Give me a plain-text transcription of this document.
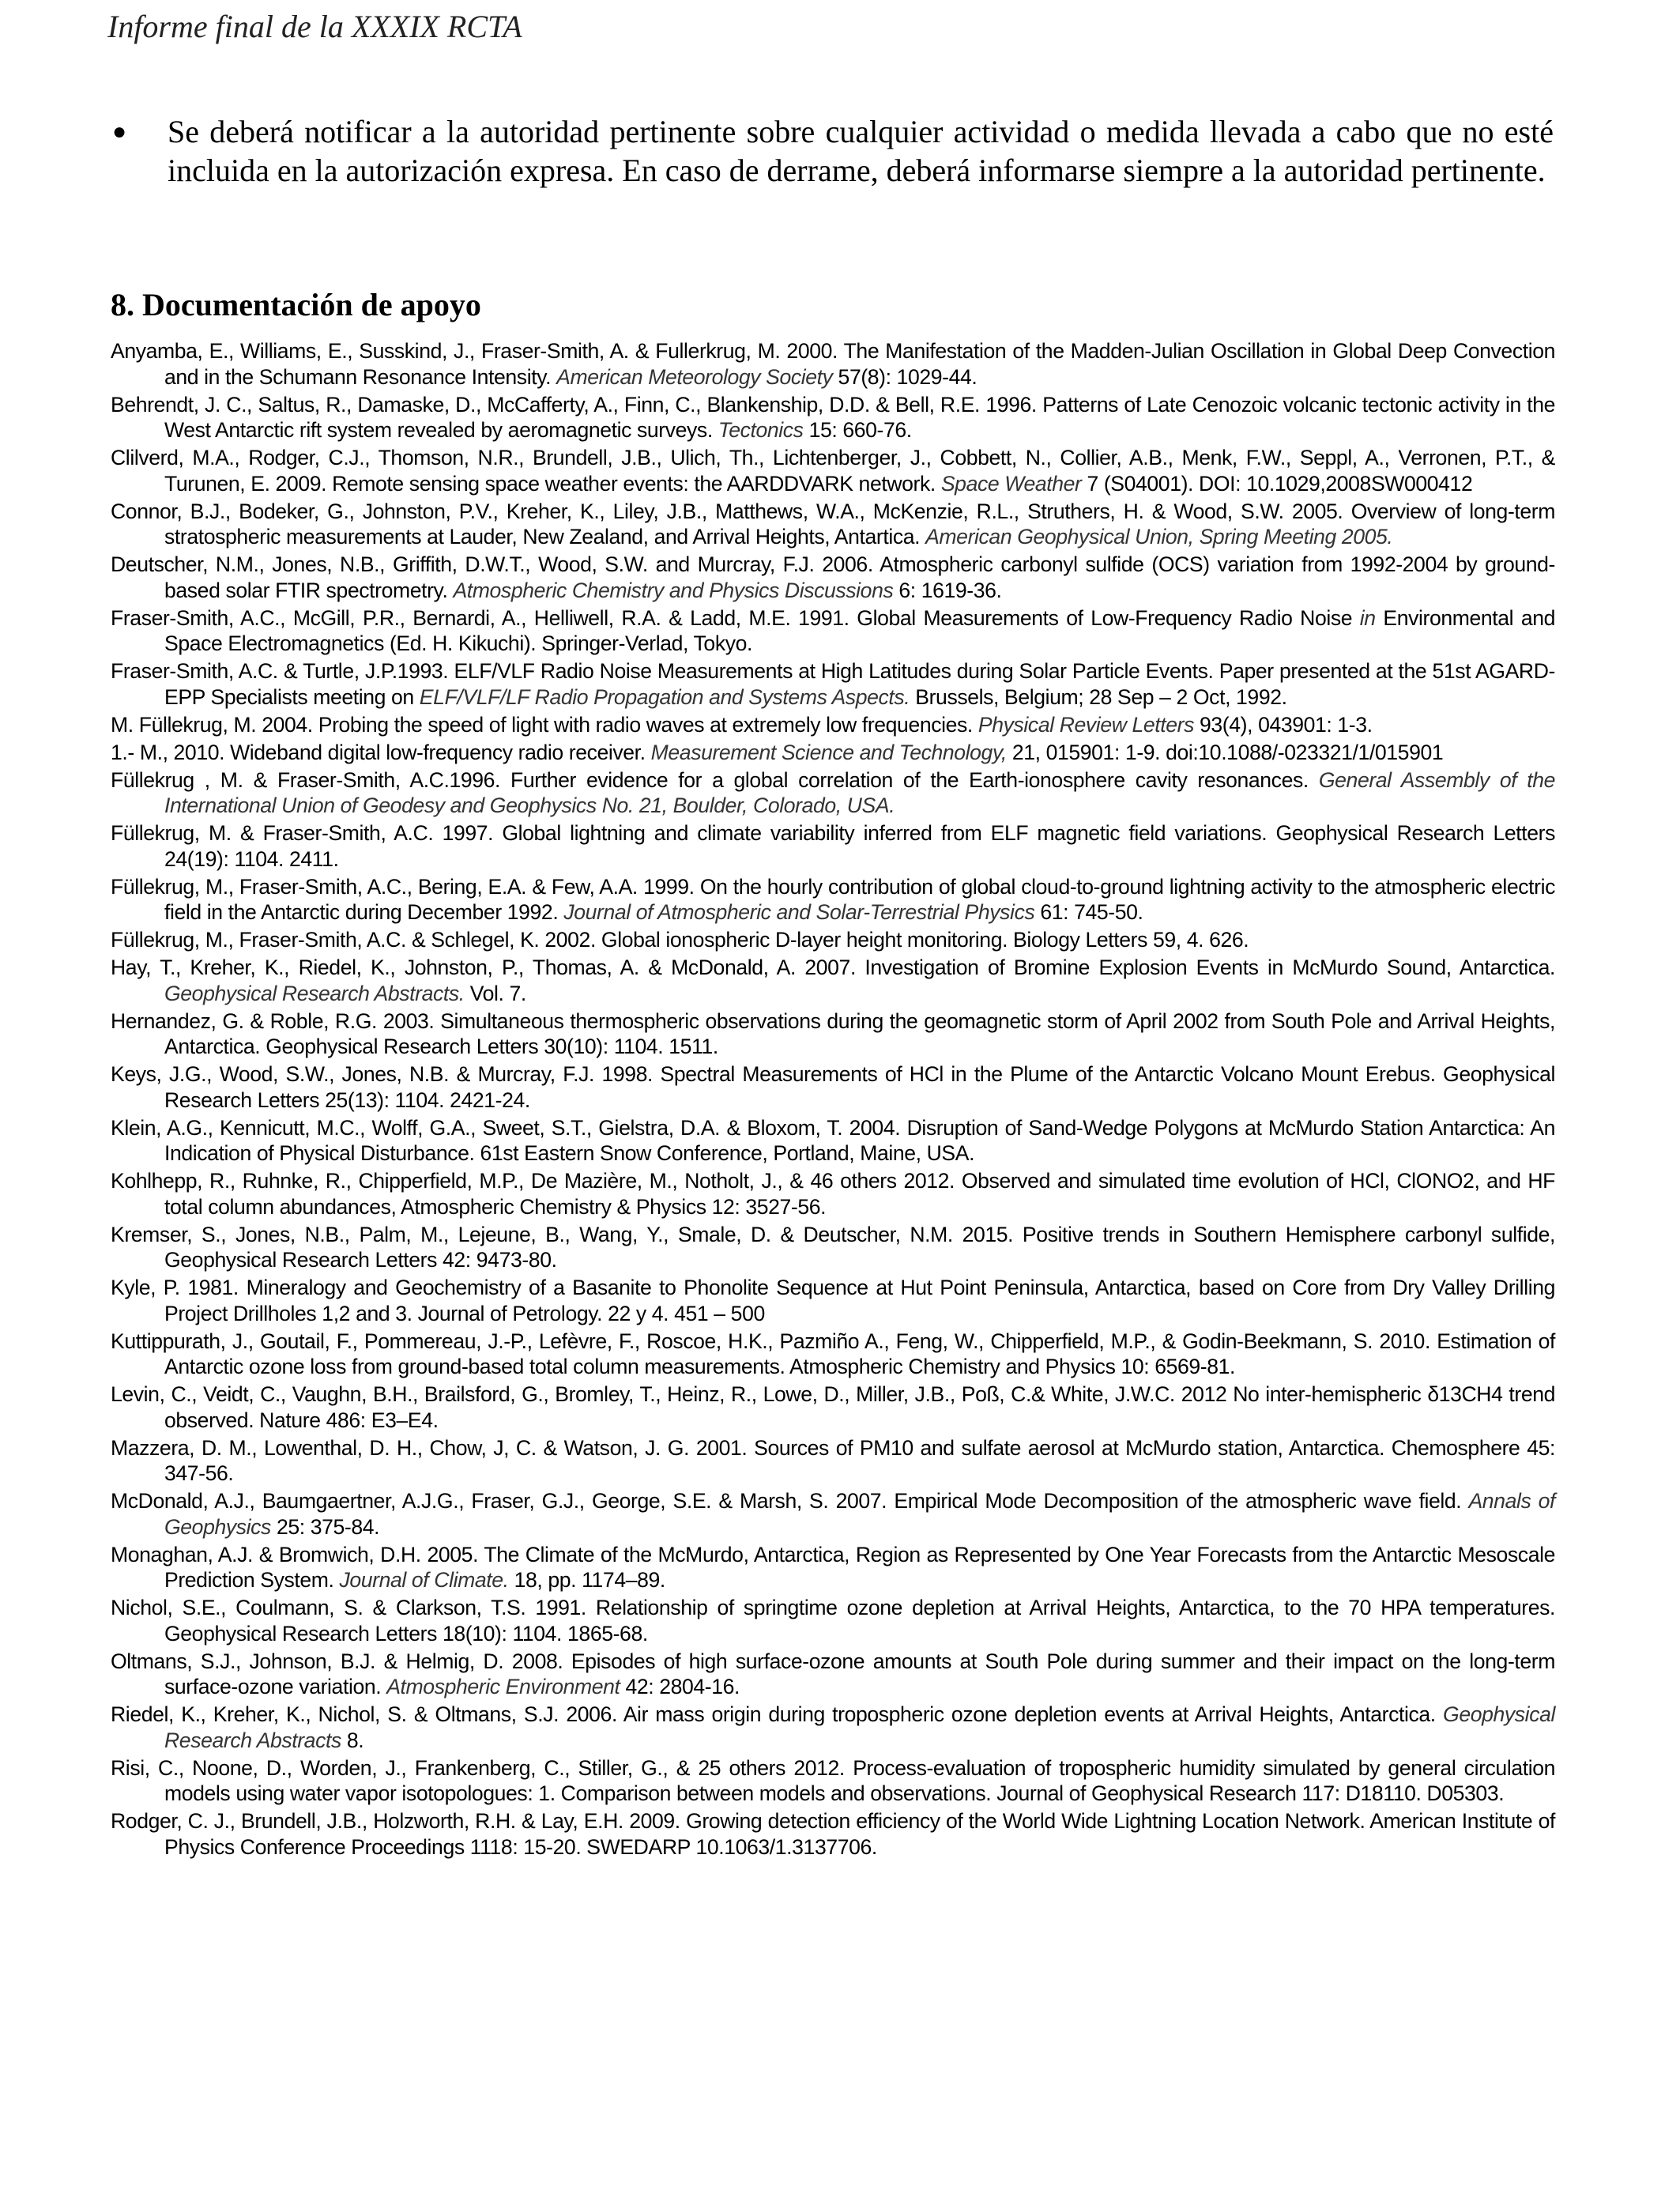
Informe final de la XXXIX RCTA
●	Se deberá notificar a la autoridad pertinente sobre cualquier actividad o medida llevada a cabo que no esté incluida en la autorización expresa. En caso de derrame, deberá informarse siempre a la autoridad pertinente.
8. Documentación de apoyo

Anyamba, E., Williams, E., Susskind, J., Fraser-Smith, A. & Fullerkrug, M. 2000. The Manifestation of the Madden-Julian Oscillation in Global Deep Convection and in the Schumann Resonance Intensity. American Meteorology Society 57(8): 1029-44.

Behrendt, J. C., Saltus, R., Damaske, D., McCafferty, A., Finn, C., Blankenship, D.D. & Bell, R.E. 1996. Patterns of Late Cenozoic volcanic tectonic activity in the West Antarctic rift system revealed by aeromagnetic surveys. Tectonics 15: 660-76.

Clilverd, M.A., Rodger, C.J., Thomson, N.R., Brundell, J.B., Ulich, Th., Lichtenberger, J., Cobbett, N., Collier, A.B., Menk, F.W., Seppl, A., Verronen, P.T., & Turunen, E. 2009. Remote sensing space weather events: the AARDDVARK network. Space Weather 7 (S04001). DOI: 10.1029,2008SW000412

Connor, B.J., Bodeker, G., Johnston, P.V., Kreher, K., Liley, J.B., Matthews, W.A., McKenzie, R.L., Struthers, H. & Wood, S.W. 2005. Overview of long-term stratospheric measurements at Lauder, New Zealand, and Arrival Heights, Antartica. American Geophysical Union, Spring Meeting 2005.

Deutscher, N.M., Jones, N.B., Griffith, D.W.T., Wood, S.W. and Murcray, F.J. 2006. Atmospheric carbonyl sulfide (OCS) variation from 1992-2004 by ground-based solar FTIR spectrometry. Atmospheric Chemistry and Physics Discussions 6: 1619-36.

Fraser-Smith, A.C., McGill, P.R., Bernardi, A., Helliwell, R.A. & Ladd, M.E. 1991. Global Measurements of Low-Frequency Radio Noise in Environmental and Space Electromagnetics (Ed. H. Kikuchi). Springer-Verlad, Tokyo.

Fraser-Smith, A.C. & Turtle, J.P.1993. ELF/VLF Radio Noise Measurements at High Latitudes during Solar Particle Events. Paper presented at the 51st AGARD-EPP Specialists meeting on ELF/VLF/LF Radio Propagation and Systems Aspects. Brussels, Belgium; 28 Sep – 2 Oct, 1992.

M. Füllekrug, M. 2004. Probing the speed of light with radio waves at extremely low frequencies. Physical Review Letters 93(4), 043901: 1-3.

1.- M., 2010. Wideband digital low-frequency radio receiver. Measurement Science and Technology, 21, 015901: 1-9. doi:10.1088/-023321/1/015901

Füllekrug , M. & Fraser-Smith, A.C.1996. Further evidence for a global correlation of the Earth-ionosphere cavity resonances. General Assembly of the International Union of Geodesy and Geophysics No. 21, Boulder, Colorado, USA.

Füllekrug, M. & Fraser-Smith, A.C. 1997. Global lightning and climate variability inferred from ELF magnetic field variations. Geophysical Research Letters 24(19): 1104. 2411.

Füllekrug, M., Fraser-Smith, A.C., Bering, E.A. & Few, A.A. 1999. On the hourly contribution of global cloud-to-ground lightning activity to the atmospheric electric field in the Antarctic during December 1992. Journal of Atmospheric and Solar-Terrestrial Physics 61: 745-50.

Füllekrug, M., Fraser-Smith, A.C. & Schlegel, K. 2002. Global ionospheric D-layer height monitoring. Biology Letters 59, 4. 626.

Hay, T., Kreher, K., Riedel, K., Johnston, P., Thomas, A. & McDonald, A. 2007. Investigation of Bromine Explosion Events in McMurdo Sound, Antarctica. Geophysical Research Abstracts. Vol. 7.

Hernandez, G. & Roble, R.G. 2003. Simultaneous thermospheric observations during the geomagnetic storm of April 2002 from South Pole and Arrival Heights, Antarctica. Geophysical Research Letters 30(10): 1104. 1511.

Keys, J.G., Wood, S.W., Jones, N.B. & Murcray, F.J. 1998. Spectral Measurements of HCl in the Plume of the Antarctic Volcano Mount Erebus. Geophysical Research Letters 25(13): 1104. 2421-24.

Klein, A.G., Kennicutt, M.C., Wolff, G.A., Sweet, S.T., Gielstra, D.A. & Bloxom, T. 2004. Disruption of Sand-Wedge Polygons at McMurdo Station Antarctica: An Indication of Physical Disturbance. 61st Eastern Snow Conference, Portland, Maine, USA.

Kohlhepp, R., Ruhnke, R., Chipperfield, M.P., De Mazière, M., Notholt, J., & 46 others 2012. Observed and simulated time evolution of HCl, ClONO2, and HF total column abundances, Atmospheric Chemistry & Physics 12: 3527-56.

Kremser, S., Jones, N.B., Palm, M., Lejeune, B., Wang, Y., Smale, D. & Deutscher, N.M. 2015. Positive trends in Southern Hemisphere carbonyl sulfide, Geophysical Research Letters 42: 9473-80.

Kyle, P. 1981. Mineralogy and Geochemistry of a Basanite to Phonolite Sequence at Hut Point Peninsula, Antarctica, based on Core from Dry Valley Drilling Project Drillholes 1,2 and 3. Journal of Petrology. 22 y 4. 451 – 500

Kuttippurath, J., Goutail, F., Pommereau, J.-P., Lefèvre, F., Roscoe, H.K., Pazmiño A., Feng, W., Chipperfield, M.P., & Godin-Beekmann, S. 2010. Estimation of Antarctic ozone loss from ground-based total column measurements. Atmospheric Chemistry and Physics 10: 6569-81.

Levin, C., Veidt, C., Vaughn, B.H., Brailsford, G., Bromley, T., Heinz, R., Lowe, D., Miller, J.B., Poß, C.& White, J.W.C. 2012 No inter-hemispheric δ13CH4 trend observed. Nature 486: E3–E4.

Mazzera, D. M., Lowenthal, D. H., Chow, J, C. & Watson, J. G. 2001. Sources of PM10 and sulfate aerosol at McMurdo station, Antarctica. Chemosphere 45: 347-56.

McDonald, A.J., Baumgaertner, A.J.G., Fraser, G.J., George, S.E. & Marsh, S. 2007. Empirical Mode Decomposition of the atmospheric wave field. Annals of Geophysics 25: 375-84.

Monaghan, A.J. & Bromwich, D.H. 2005. The Climate of the McMurdo, Antarctica, Region as Represented by One Year Forecasts from the Antarctic Mesoscale Prediction System. Journal of Climate. 18, pp. 1174–89.

Nichol, S.E., Coulmann, S. & Clarkson, T.S. 1991. Relationship of springtime ozone depletion at Arrival Heights, Antarctica, to the 70 HPA temperatures. Geophysical Research Letters 18(10): 1104. 1865-68.

Oltmans, S.J., Johnson, B.J. & Helmig, D. 2008. Episodes of high surface-ozone amounts at South Pole during summer and their impact on the long-term surface-ozone variation. Atmospheric Environment 42: 2804-16.

Riedel, K., Kreher, K., Nichol, S. & Oltmans, S.J. 2006. Air mass origin during tropospheric ozone depletion events at Arrival Heights, Antarctica. Geophysical Research Abstracts 8.

Risi, C., Noone, D., Worden, J., Frankenberg, C., Stiller, G., & 25 others 2012. Process-evaluation of tropospheric humidity simulated by general circulation models using water vapor isotopologues: 1. Comparison between models and observations. Journal of Geophysical Research 117: D18110. D05303.

Rodger, C. J., Brundell, J.B., Holzworth, R.H. & Lay, E.H. 2009. Growing detection efficiency of the World Wide Lightning Location Network. American Institute of Physics Conference Proceedings 1118: 15-20. SWEDARP 10.1063/1.3137706.
